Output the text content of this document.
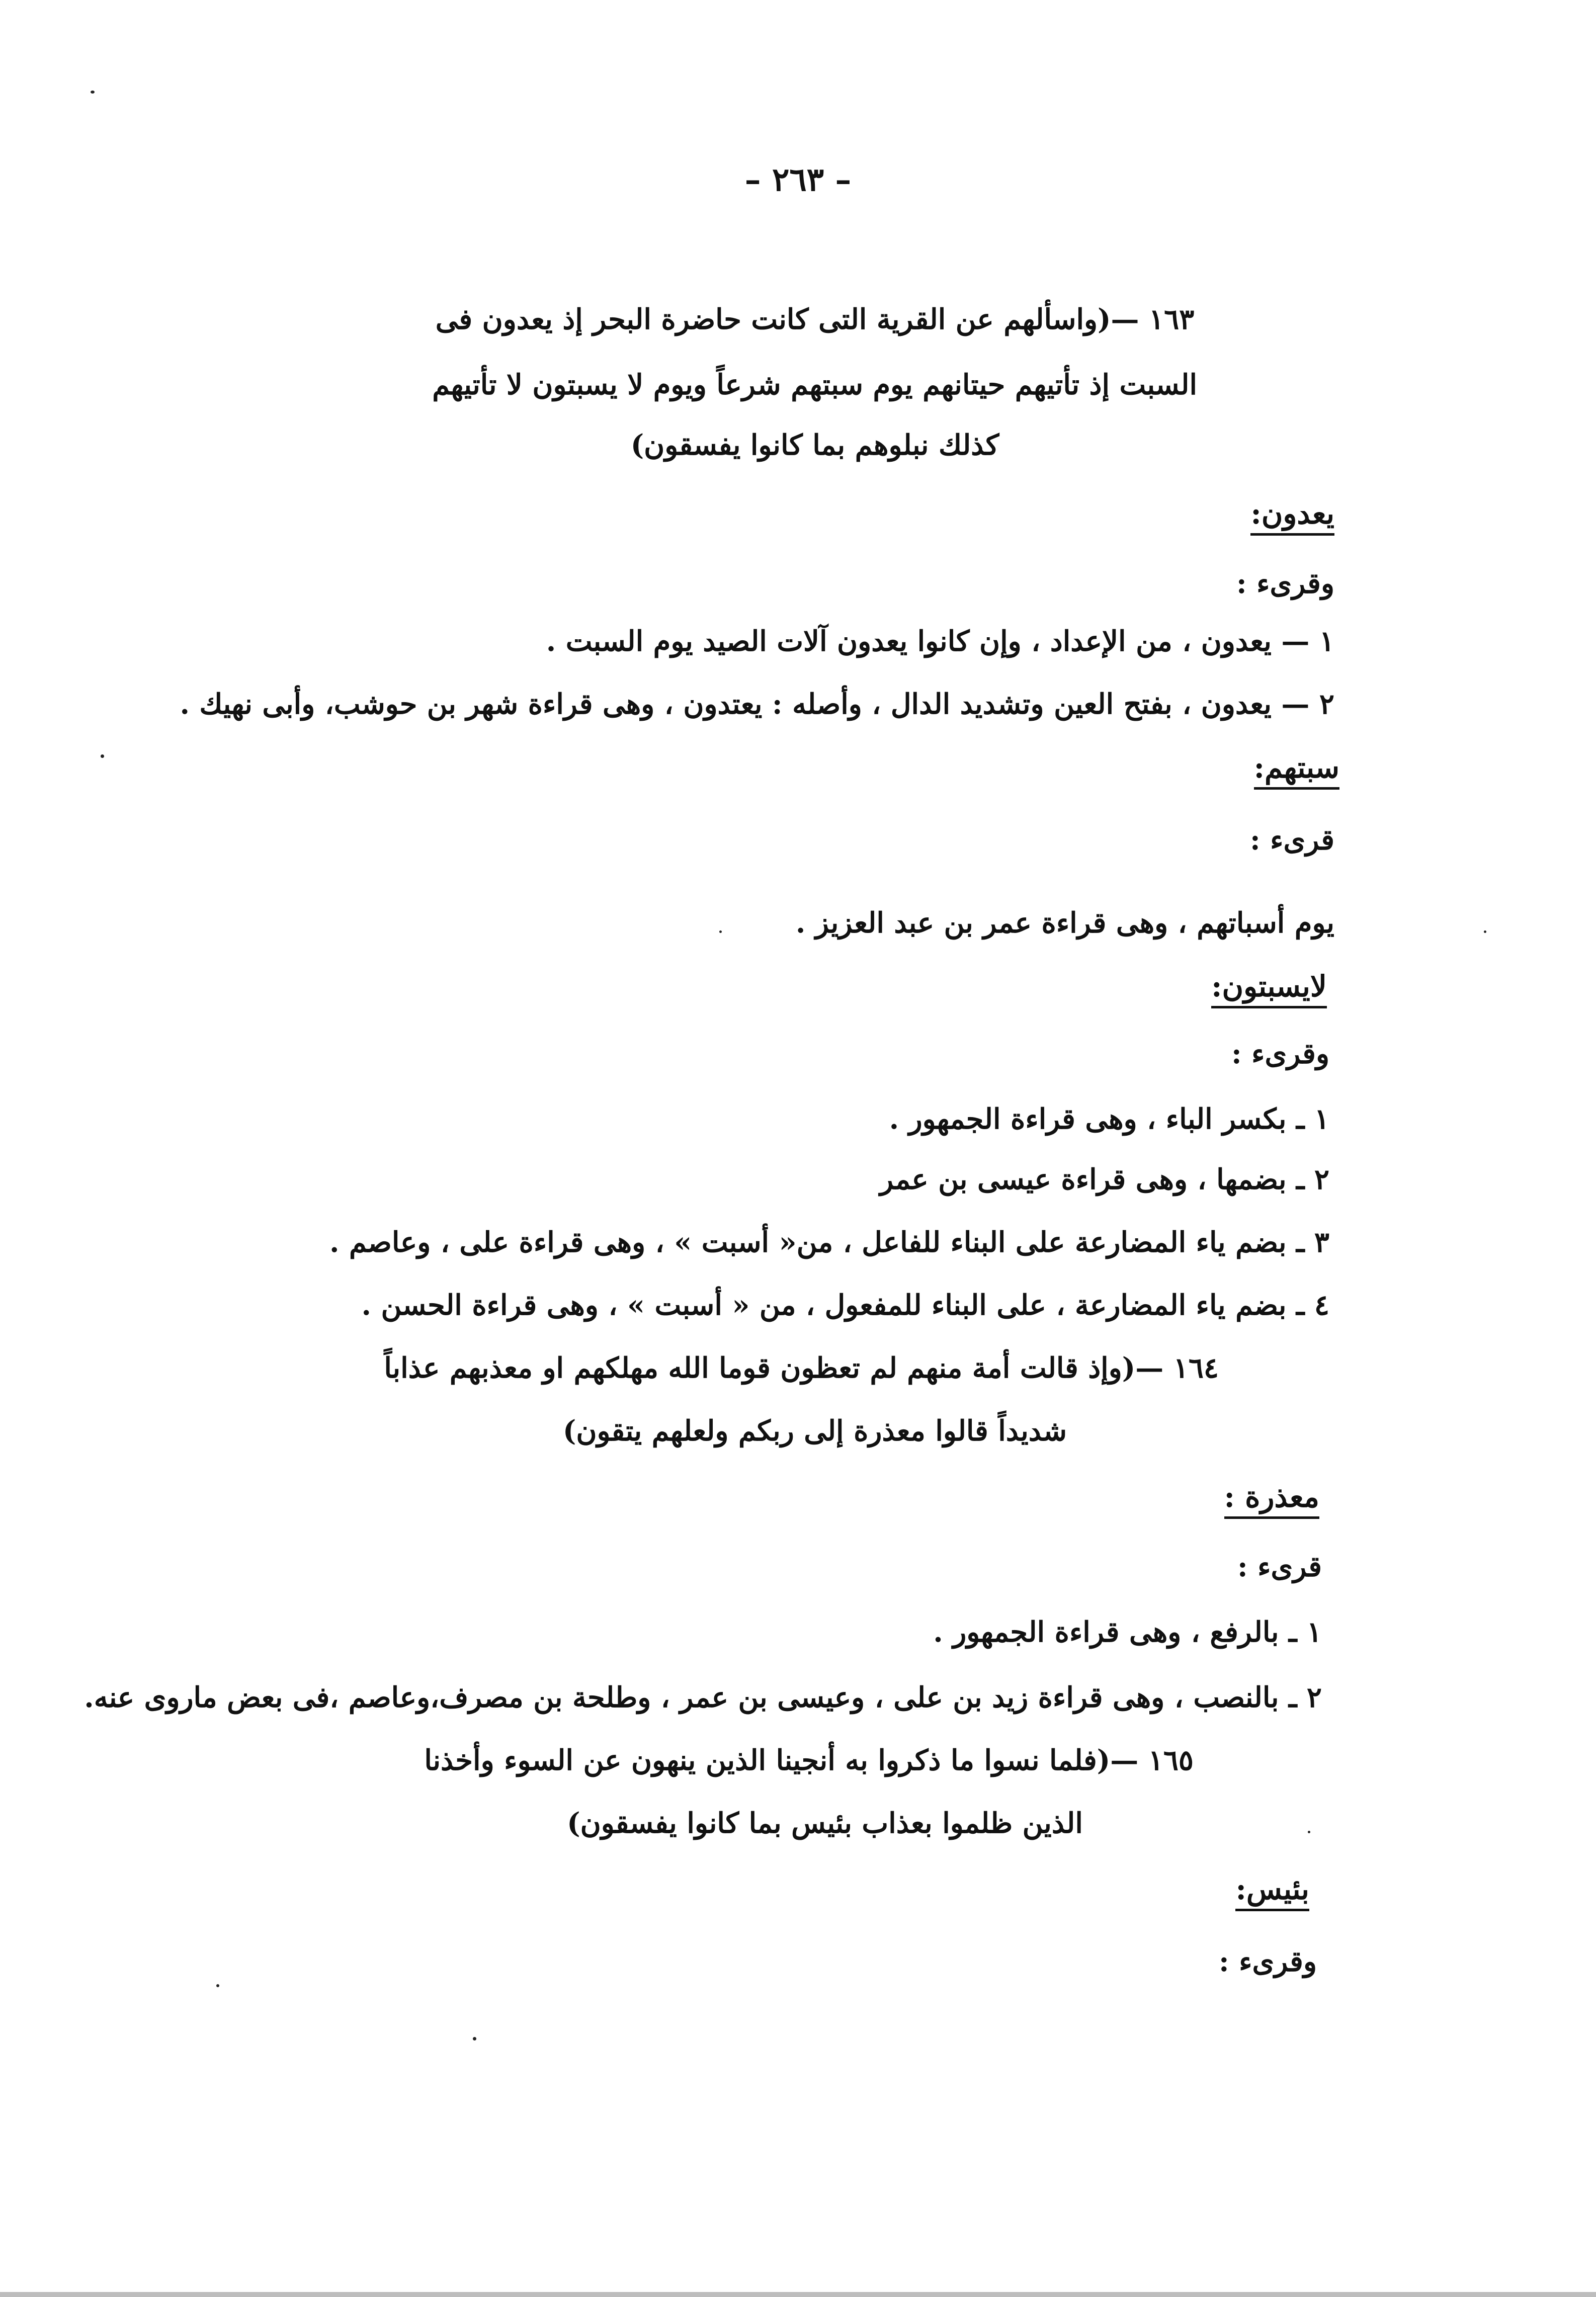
– ٢٦٣ –
١٦٣ —(واسألهم عن القرية التى كانت حاضرة البحر إذ يعدون فى
السبت إذ تأتيهم حيتانهم يوم سبتهم شرعاً ويوم لا يسبتون لا تأتيهم
كذلك نبلوهم بما كانوا يفسقون)
يعدون:
وقرىء :
١ — يعدون ، من الإعداد ، وإن كانوا يعدون آلات الصيد يوم السبت .
٢ — يعدون ، بفتح العين وتشديد الدال ، وأصله : يعتدون ، وهى قراءة شهر بن حوشب، وأبى نهيك .
سبتهم:
قرىء :
يوم أسباتهم ، وهى قراءة عمر بن عبد العزيز .
لايسبتون:
وقرىء :
١ ـ بكسر الباء ، وهى قراءة الجمهور .
٢ ـ بضمها ، وهى قراءة عيسى بن عمر
٣ ـ بضم ياء المضارعة على البناء للفاعل ، من« أسبت » ، وهى قراءة على ، وعاصم .
٤ ـ بضم ياء المضارعة ، على البناء للمفعول ، من « أسبت » ، وهى قراءة الحسن .
١٦٤ —(وإذ قالت أمة منهم لم تعظون قوما الله مهلكهم او معذبهم عذاباً
شديداً قالوا معذرة إلى ربكم ولعلهم يتقون)
معذرة :
قرىء :
١ ـ بالرفع ، وهى قراءة الجمهور .
٢ ـ بالنصب ، وهى قراءة زيد بن على ، وعيسى بن عمر ، وطلحة بن مصرف،وعاصم ،فى بعض ماروى عنه.
١٦٥ —(فلما نسوا ما ذكروا به أنجينا الذين ينهون عن السوء وأخذنا
الذين ظلموا بعذاب بئيس بما كانوا يفسقون)
بئيس:
وقرىء :
